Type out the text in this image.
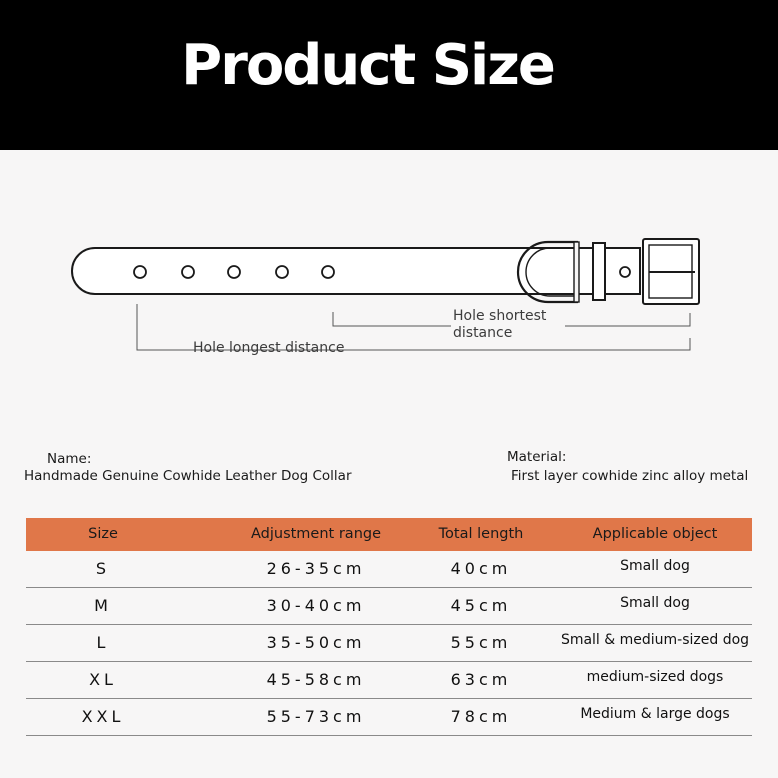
Product Size
Hole longest distance
Hole shortest distance
Name:
Handmade Genuine Cowhide Leather Dog Collar
Material:
First layer cowhide zinc alloy metal
Size	Adjustment range	Total length	Applicable object
S	26-35cm	40cm	Small dog
M	30-40cm	45cm	Small dog
L	35-50cm	55cm	Small & medium-sized dog
XL	45-58cm	63cm	medium-sized dogs
XXL	55-73cm	78cm	Medium & large dogs
